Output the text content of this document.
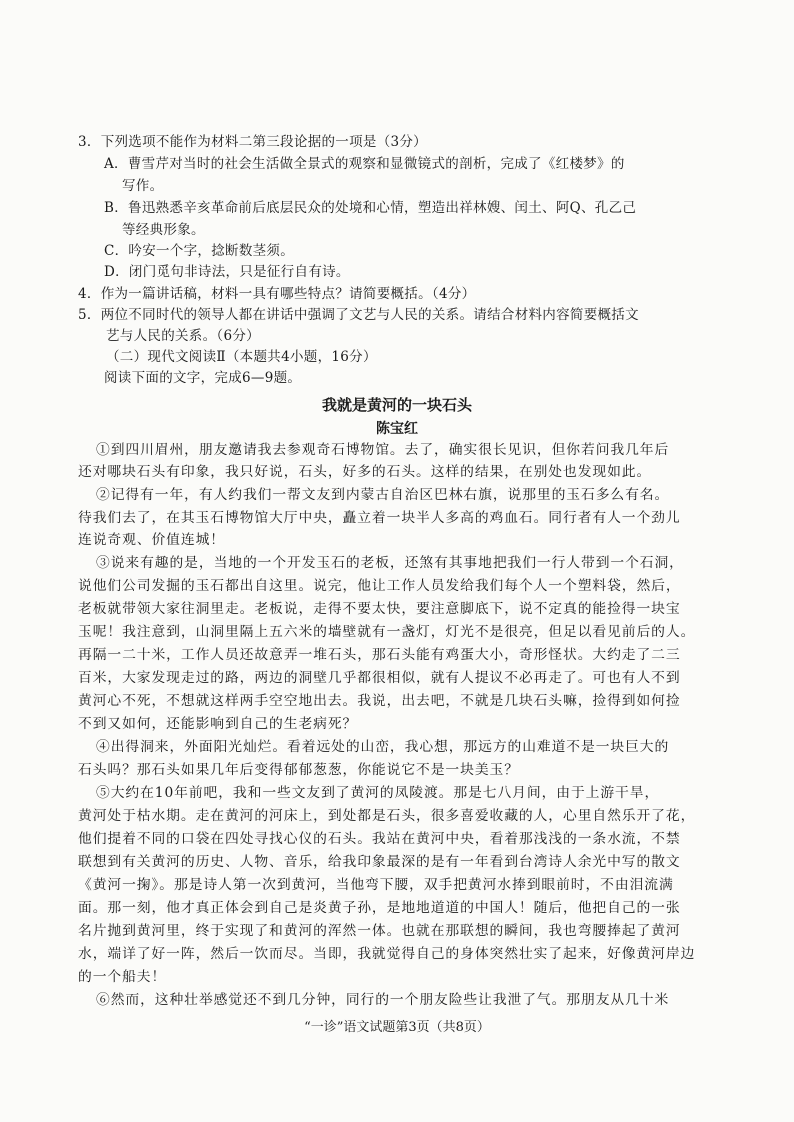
3．下列选项不能作为材料二第三段论据的一项是（3分）
A．曹雪芹对当时的社会生活做全景式的观察和显微镜式的剖析，完成了《红楼梦》的
写作。
B．鲁迅熟悉辛亥革命前后底层民众的处境和心情，塑造出祥林嫂、闰土、阿Q、孔乙己
等经典形象。
C．吟安一个字，捻断数茎须。
D．闭门觅句非诗法，只是征行自有诗。
4．作为一篇讲话稿，材料一具有哪些特点？请简要概括。（4分）
5．两位不同时代的领导人都在讲话中强调了文艺与人民的关系。请结合材料内容简要概括文
艺与人民的关系。（6分）
（二）现代文阅读Ⅱ（本题共4小题，16分）
阅读下面的文字，完成6—9题。
我就是黄河的一块石头
陈宝红
①到四川眉州，朋友邀请我去参观奇石博物馆。去了，确实很长见识，但你若问我几年后
还对哪块石头有印象，我只好说，石头，好多的石头。这样的结果，在别处也发现如此。
②记得有一年，有人约我们一帮文友到内蒙古自治区巴林右旗，说那里的玉石多么有名。
待我们去了，在其玉石博物馆大厅中央，矗立着一块半人多高的鸡血石。同行者有人一个劲儿
连说奇观、价值连城！
③说来有趣的是，当地的一个开发玉石的老板，还煞有其事地把我们一行人带到一个石洞，
说他们公司发掘的玉石都出自这里。说完，他让工作人员发给我们每个人一个塑料袋，然后，
老板就带领大家往洞里走。老板说，走得不要太快，要注意脚底下，说不定真的能捡得一块宝
玉呢！我注意到，山洞里隔上五六米的墙壁就有一盏灯，灯光不是很亮，但足以看见前后的人。
再隔一二十米，工作人员还故意弄一堆石头，那石头能有鸡蛋大小，奇形怪状。大约走了二三
百米，大家发现走过的路，两边的洞壁几乎都很相似，就有人提议不必再走了。可也有人不到
黄河心不死，不想就这样两手空空地出去。我说，出去吧，不就是几块石头嘛，捡得到如何捡
不到又如何，还能影响到自己的生老病死？
④出得洞来，外面阳光灿烂。看着远处的山峦，我心想，那远方的山难道不是一块巨大的
石头吗？那石头如果几年后变得郁郁葱葱，你能说它不是一块美玉？
⑤大约在10年前吧，我和一些文友到了黄河的凤陵渡。那是七八月间，由于上游干旱，
黄河处于枯水期。走在黄河的河床上，到处都是石头，很多喜爱收藏的人，心里自然乐开了花，
他们提着不同的口袋在四处寻找心仪的石头。我站在黄河中央，看着那浅浅的一条水流，不禁
联想到有关黄河的历史、人物、音乐，给我印象最深的是有一年看到台湾诗人余光中写的散文
《黄河一掬》。那是诗人第一次到黄河，当他弯下腰，双手把黄河水捧到眼前时，不由泪流满
面。那一刻，他才真正体会到自己是炎黄子孙，是地地道道的中国人！随后，他把自己的一张
名片抛到黄河里，终于实现了和黄河的浑然一体。也就在那联想的瞬间，我也弯腰捧起了黄河
水，端详了好一阵，然后一饮而尽。当即，我就觉得自己的身体突然壮实了起来，好像黄河岸边
的一个船夫！
⑥然而，这种壮举感觉还不到几分钟，同行的一个朋友险些让我泄了气。那朋友从几十米
“一诊”语文试题第3页（共8页）
